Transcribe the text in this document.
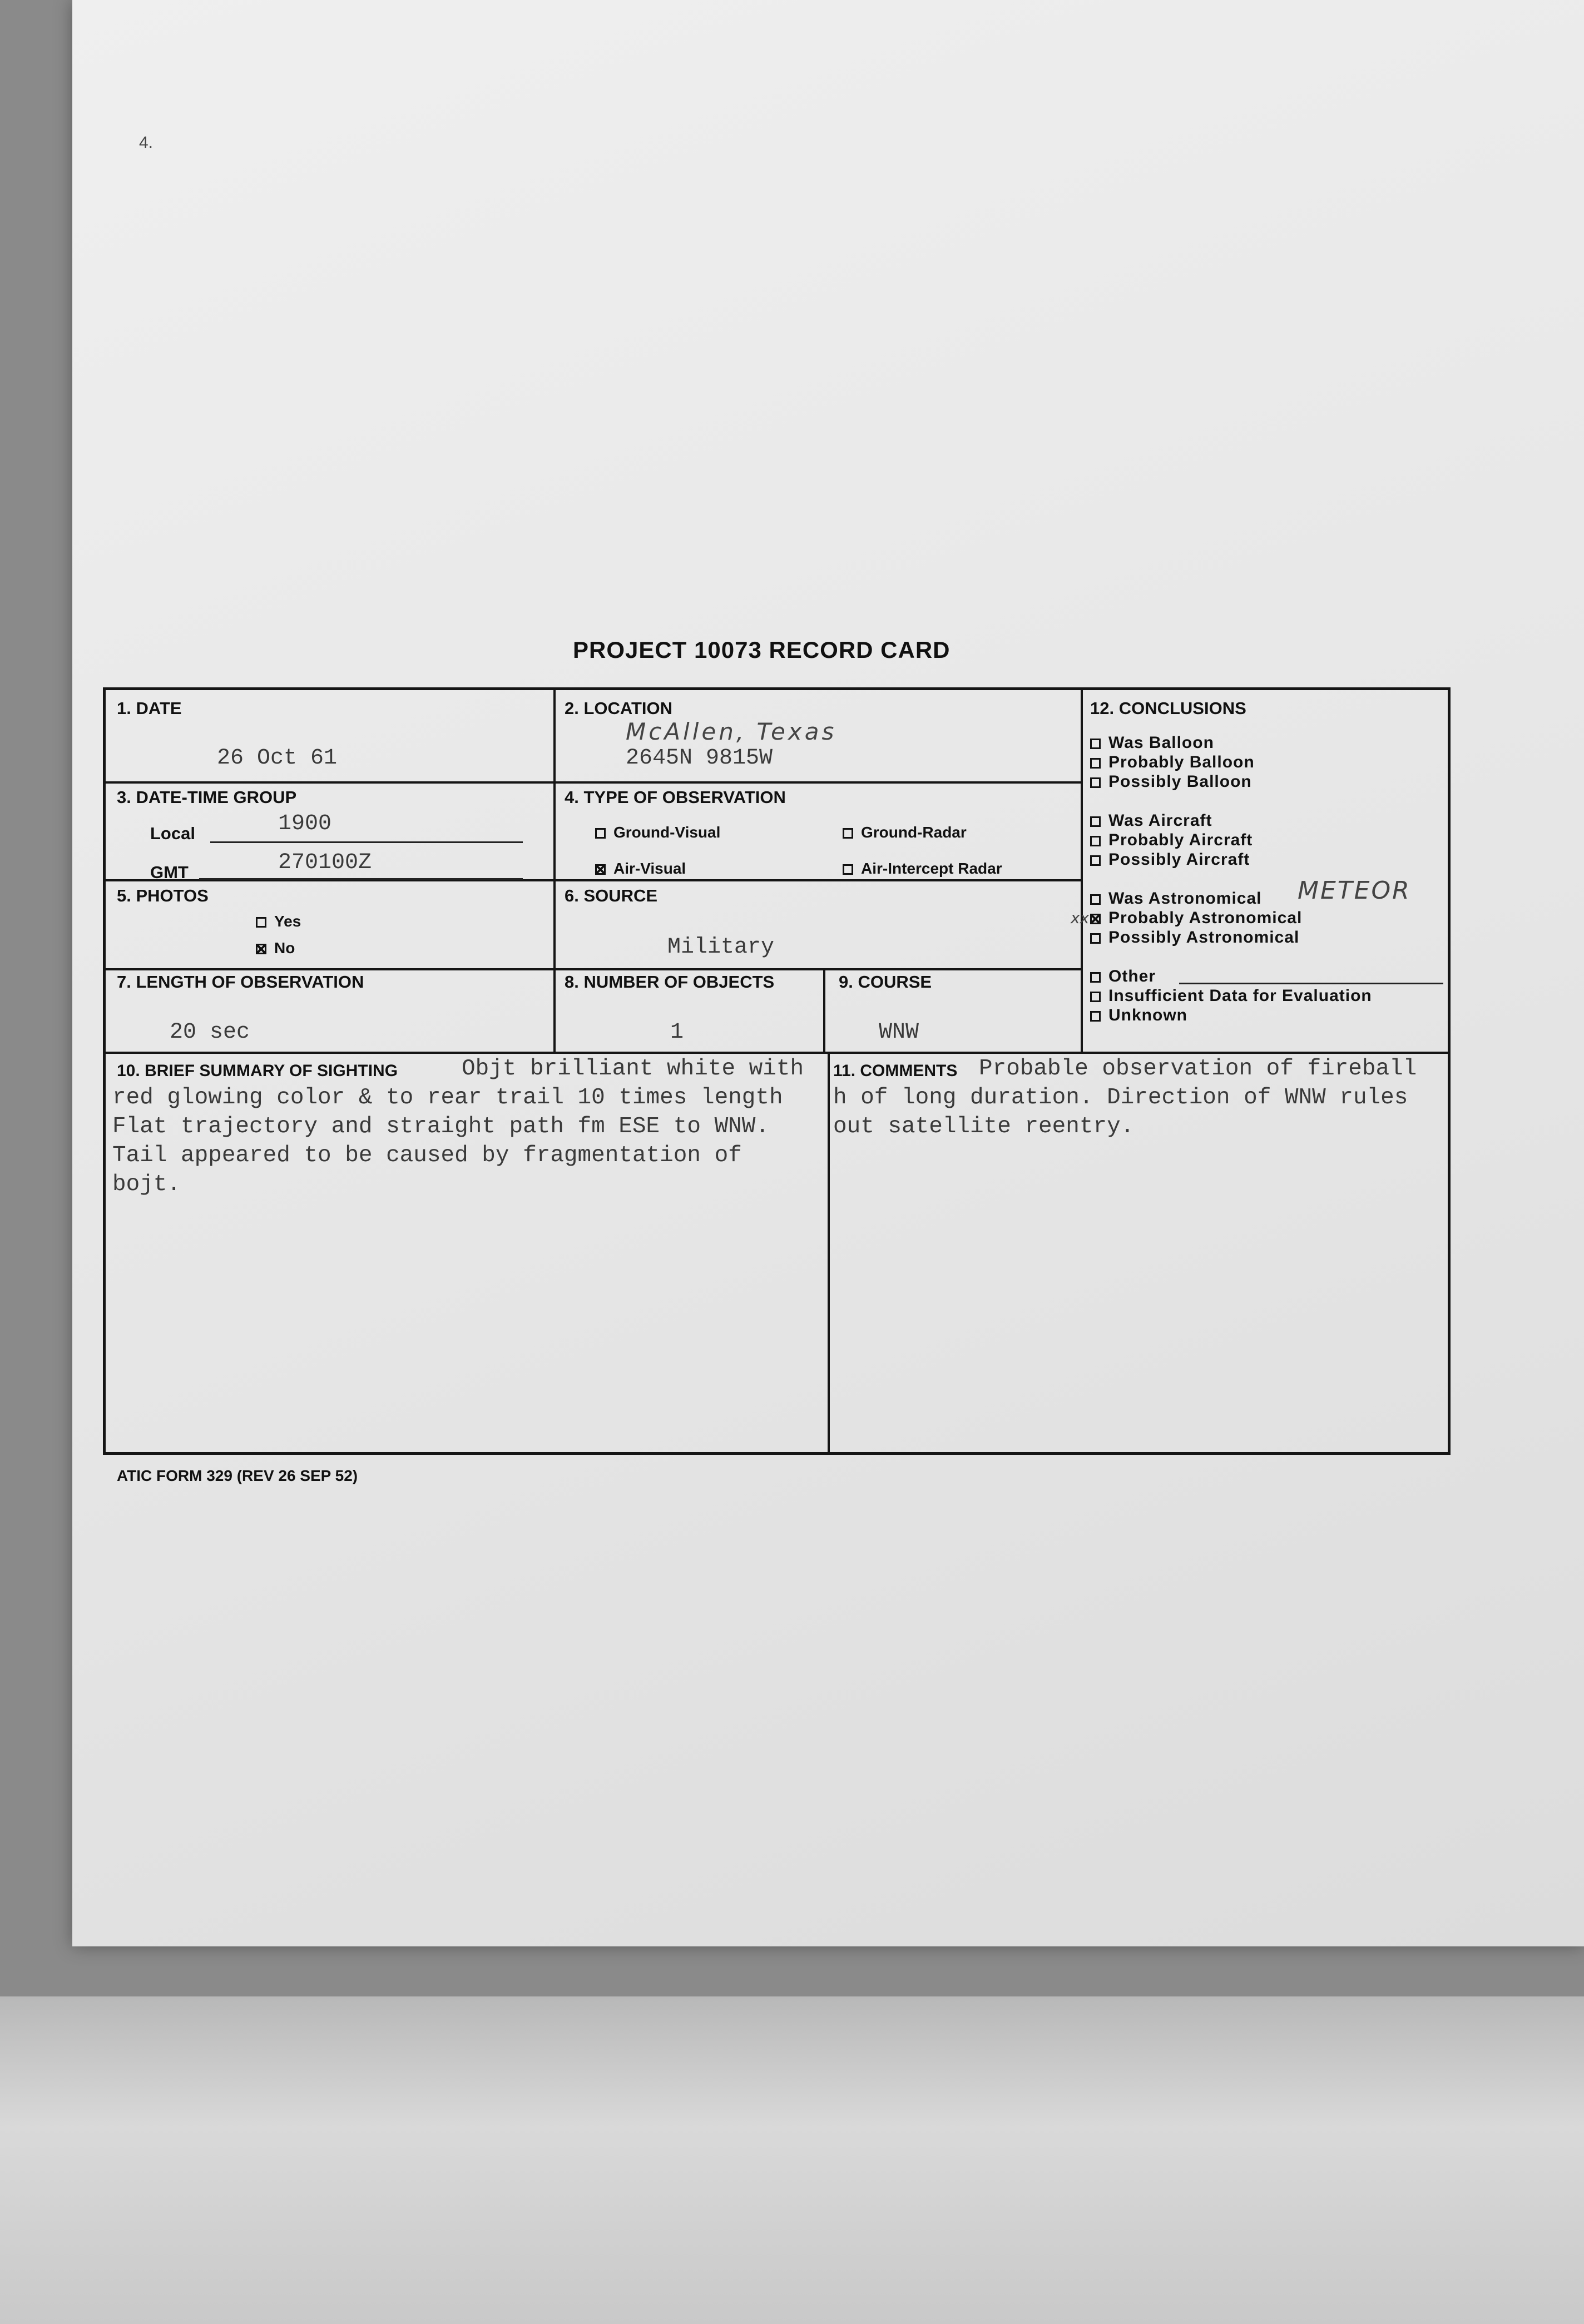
4.
PROJECT 10073 RECORD CARD
1. DATE
26 Oct 61
2. LOCATION
McAllen, Texas
2645N 9815W
3. DATE-TIME GROUP
Local	1900
GMT	270100Z
4. TYPE OF OBSERVATION
Ground-Visual	Ground-Radar
Air-Visual	Air-Intercept Radar
5. PHOTOS
Yes
No
6. SOURCE
Military
7. LENGTH OF OBSERVATION
20 sec
8. NUMBER OF OBJECTS
1
9. COURSE
WNW
12. CONCLUSIONS
Was Balloon
Probably Balloon
Possibly Balloon
Was Aircraft
Probably Aircraft
Possibly Aircraft
Was Astronomical METEOR
xx	Probably Astronomical
Possibly Astronomical
Other
Insufficient Data for Evaluation
Unknown
10. BRIEF SUMMARY OF SIGHTING	Objt brilliant white with
red glowing color & to rear trail 10 times length
Flat trajectory and straight path fm ESE to WNW.
Tail appeared to be caused by fragmentation of
bojt.
11. COMMENTS Probable observation of fireball
h of long duration. Direction of WNW rules
out satellite reentry.
ATIC FORM 329 (REV 26 SEP 52)
